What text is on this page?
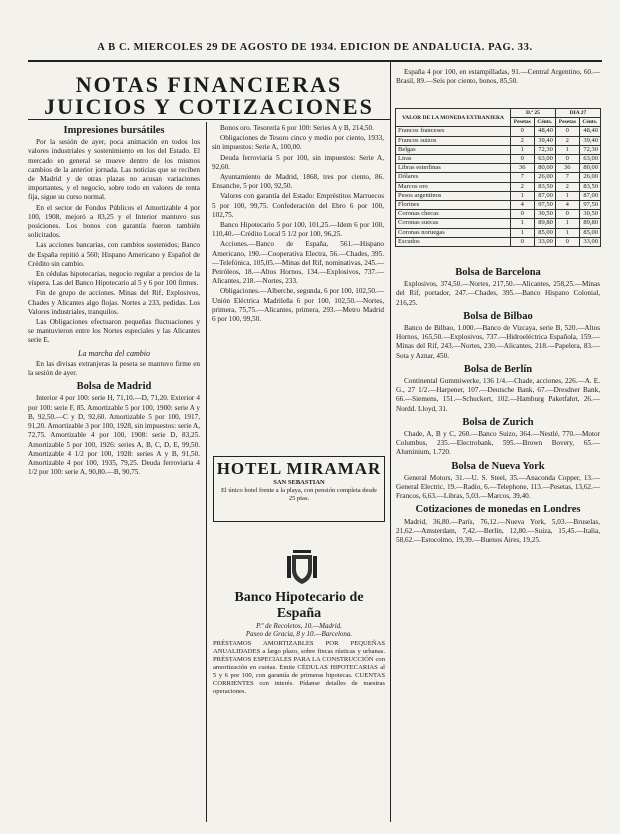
A B C. MIERCOLES 29 DE AGOSTO DE 1934. EDICION DE ANDALUCIA. PAG. 33.
NOTAS FINANCIERAS JUICIOS Y COTIZACIONES
Impresiones bursátiles

Por la sesión de ayer, poca animación en todos los valores industriales y sostenimiento en los del Estado. El mercado en general se mueve dentro de los mismos cambios de la anterior jornada. Las noticias que se reciben de Madrid y de otras plazas no acusan variaciones importantes, y el negocio, sobre todo en valores de renta fija, sigue su curso normal.

En el sector de Fondos Públicos el Amortizable 4 por 100, 1908, mejoró a 83,25 y el Interior mantuvo sus posiciones. Los bonos con garantía fueron también solicitados.

Las acciones bancarias, con cambios sostenidos; Banco de España repitió a 560; Hispano Americano y Español de Crédito sin cambio.

En cédulas hipotecarias, negocio regular a precios de la víspera. Las del Banco Hipotecario al 5 y 6 por 100 firmes.

Fin de grupo de acciones. Minas del Rif, Explosivos, Chades y Alicantes algo flojas. Nortes a 233, pedidas. Los Valores industriales, tranquilos.

Las Obligaciones efectuaron pequeñas fluctuaciones y se mantuvieron entre los Nortes especiales y las Alicantes serie E.

La marcha del cambio

En las divisas extranjeras la peseta se mantuvo firme en la sesión de ayer.

Bolsa de Madrid

Interior 4 por 100: serie H, 71,10.—D, 71,20. Exterior 4 por 100: serie F, 85. Amortizable 5 por 100, 1900: serie A y B, 92,50.—C y D, 92,60. Amortizable 5 por 100, 1917, 91,20. Amortizable 3 por 100, 1928, sin impuestos: serie A, 72,75. Amortizable 4 por 100, 1908: serie D, 83,25. Amortizable 5 por 100, 1926: series A, B, C, D, E, 99,50. Amortizable 4 1/2 por 100, 1928: series A y B, 91,50. Amortizable 4 por 100, 1935, 79,25. Deuda ferroviaria 4 1/2 por 100: serie A, 90,80.—B, 90,75.

Bonos oro. Tesorería 6 por 100: Series A y B, 214,50.

Obligaciones de Tesoro cinco y medio por ciento, 1933, sin impuestos: Serie A, 100,00.

Deuda ferroviaria 5 por 100, sin impuestos: Serie A, 92,60.

Ayuntamiento de Madrid, 1868, tres por ciento, 86. Ensanche, 5 por 100, 92,50.

Valores con garantía del Estado: Empréstitos Marruecos 5 por 100, 99,75. Confederación del Ebro 6 por 100, 102,75.

Banco Hipotecario 5 por 100, 101,25.—Idem 6 por 100, 110,40.—Crédito Local 5 1/2 por 100, 96,25.

Acciones.—Banco de España, 561.—Hispano Americano, 190.—Cooperativa Electra, 56.—Chades, 395.—Telefónica, 105,05.—Minas del Rif, nominativas, 245.—Petróleos, 18.—Altos Hornos, 134.—Explosivos, 737.—Alicantes, 218.—Nortes, 233.

Obligaciones.—Alberche, segunda, 6 por 100, 102,50.—Unión Eléctrica Madrileña 6 por 100, 102,50.—Nortes, primera, 75,75.—Alicantes, primera, 293.—Metro Madrid 6 por 100, 99,50.

HOTEL MIRAMAR
SAN SEBASTIAN
El único hotel frente a la playa, con pensión completa desde 25 ptas.
Banco Hipotecario de España
P.º de Recoletos, 10.—Madrid.
Paseo de Gracia, 8 y 10.—Barcelona.
PRÉSTAMOS AMORTIZABLES POR PEQUEÑAS ANUALIDADES a largo plazo, sobre fincas rústicas y urbanas. PRÉSTAMOS ESPECIALES PARA LA CONSTRUCCIÓN con amortización en cuotas. Emite CÉDULAS HIPOTECARIAS al 5 y 6 por 100, con garantía de primeras hipotecas. CUENTAS CORRIENTES con interés. Pídanse detalles de nuestras operaciones.

España 4 por 100, en estampilladas, 91.—Central Argentino, 60.—Brasil, 89.—Seis por ciento, bonos, 85,50.

VALOR DE LA MONEDA EXTRANJERA	D.ª 25		DIA 27	
	Pesetas	Cénts.	Pesetas	Cénts.
Francos franceses	0	48,40	0	48,40
Francos suizos	2	39,40	2	39,40
Belgas	1	72,30	1	72,30
Liras	0	63,00	0	63,00
Libras esterlinas	36	80,00	36	80,00
Dólares	7	26,00	7	26,00
Marcos oro	2	83,50	2	83,50
Pesos argentinos	1	87,00	1	87,00
Florines	4	97,50	4	97,50
Coronas checas	0	30,50	0	30,50
Coronas suecas	1	89,80	1	89,80
Coronas noruegas	1	85,00	1	85,00
Escudos	0	33,00	0	33,00
Bolsa de Barcelona

Explosivos, 374,50.—Nortes, 217,50.—Alicantes, 258,25.—Minas del Rif, portador, 247.—Chades, 395.—Banco Hispano Colonial, 216,25.

Bolsa de Bilbao

Banco de Bilbao, 1.000.—Banco de Vizcaya, serie B, 520.—Altos Hornos, 165,50.—Explosivos, 737.—Hidroeléctrica Española, 159.—Minas del Rif, 243.—Nortes, 230.—Alicantes, 218.—Papelera, 83.—Sota y Aznar, 450.

Bolsa de Berlín

Continental Gummiwerke, 136 1/4.—Chade, acciones, 226.—A. E. G., 27 1/2.—Harpener, 107.—Deutsche Bank, 67.—Dresdner Bank, 66.—Siemens, 151.—Schuckert, 102.—Hamburg Paketfahrt, 26.—Nordd. Lloyd, 31.

Bolsa de Zurich

Chade, A, B y C, 260.—Banco Suizo, 364.—Nestlé, 770.—Motor Columbus, 235.—Electrobank, 595.—Brown Bovery, 65.—Aluminium, 1.720.

Bolsa de Nueva York

General Motors, 31.—U. S. Steel, 35.—Anaconda Copper, 13.—General Electric, 19.—Radio, 6.—Telephone, 113.—Pesetas, 13,62.—Francos, 6,63.—Libras, 5,03.—Marcos, 39,40.

Cotizaciones de monedas en Londres

Madrid, 36,80.—París, 76,12.—Nueva York, 5,03.—Bruselas, 21,62.—Amsterdam, 7,42.—Berlín, 12,80.—Suiza, 15,45.—Italia, 58,62.—Estocolmo, 19,39.—Buenos Aires, 19,25.
